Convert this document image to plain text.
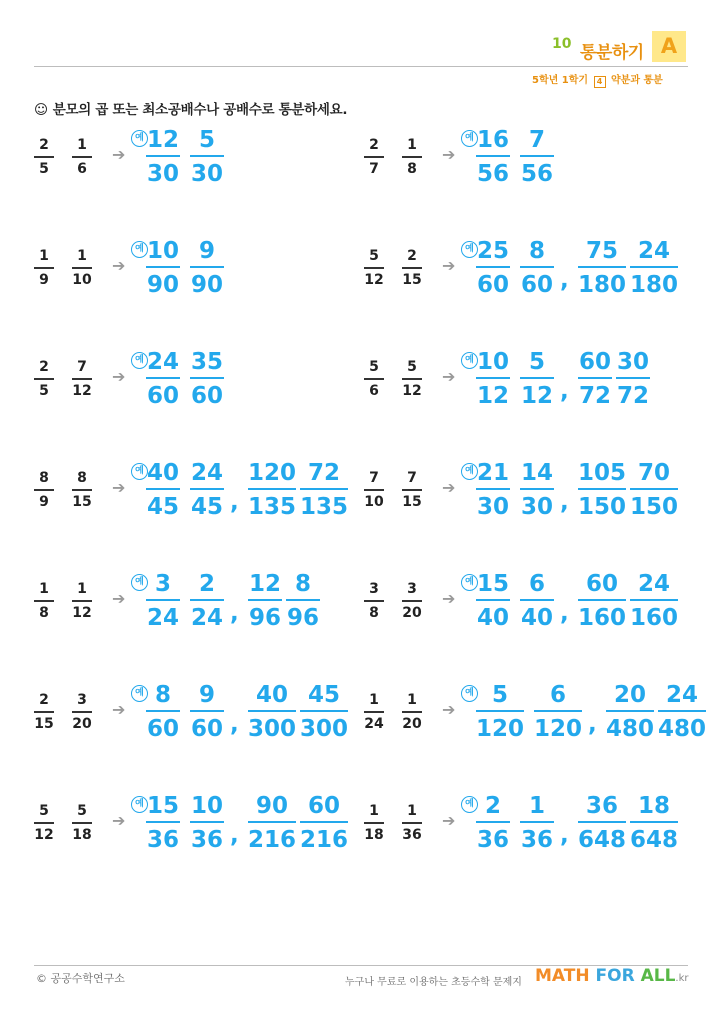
10 통분하기 A
5학년 1학기 4 약분과 통분
☺ 분모의 곱 또는 최소공배수나 공배수로 통분하세요.
2
5
1
6
➔
예 12
30
5
30
2
7
1
8
➔
예 16
56
7
56
1
9
1
10
➔
예 10
90
9
90
5
12
2
15
➔
예 25
60
8
60 ,
75
180
24
180
2
5
7
12
➔
예 24
60
35
60
5
6
5
12
➔
예 10
12
5
12 ,
60
72
30
72
8
9
8
15
➔
예 40
45
24
45 ,
120
135
72
135
7
10
7
15
➔
예 21
30
14
30 ,
105
150
70
150
1
8
1
12
➔
예 3
24
2
24 ,
12
96
8
96
3
8
3
20
➔
예 15
40
6
40 ,
60
160
24
160
2
15
3
20
➔
예 8
60
9
60 ,
40
300
45
300
1
24
1
20
➔
예 5
120
6
120 ,
20
480
24
480
5
12
5
18
➔
예 15
36
10
36 ,
90
216
60
216
1
18
1
36
➔
예 2
36
1
36 ,
36
648
18
648
© 공공수학연구소	누구나 무료로 이용하는 초등수학 문제지 MATH FOR ALL.kr
